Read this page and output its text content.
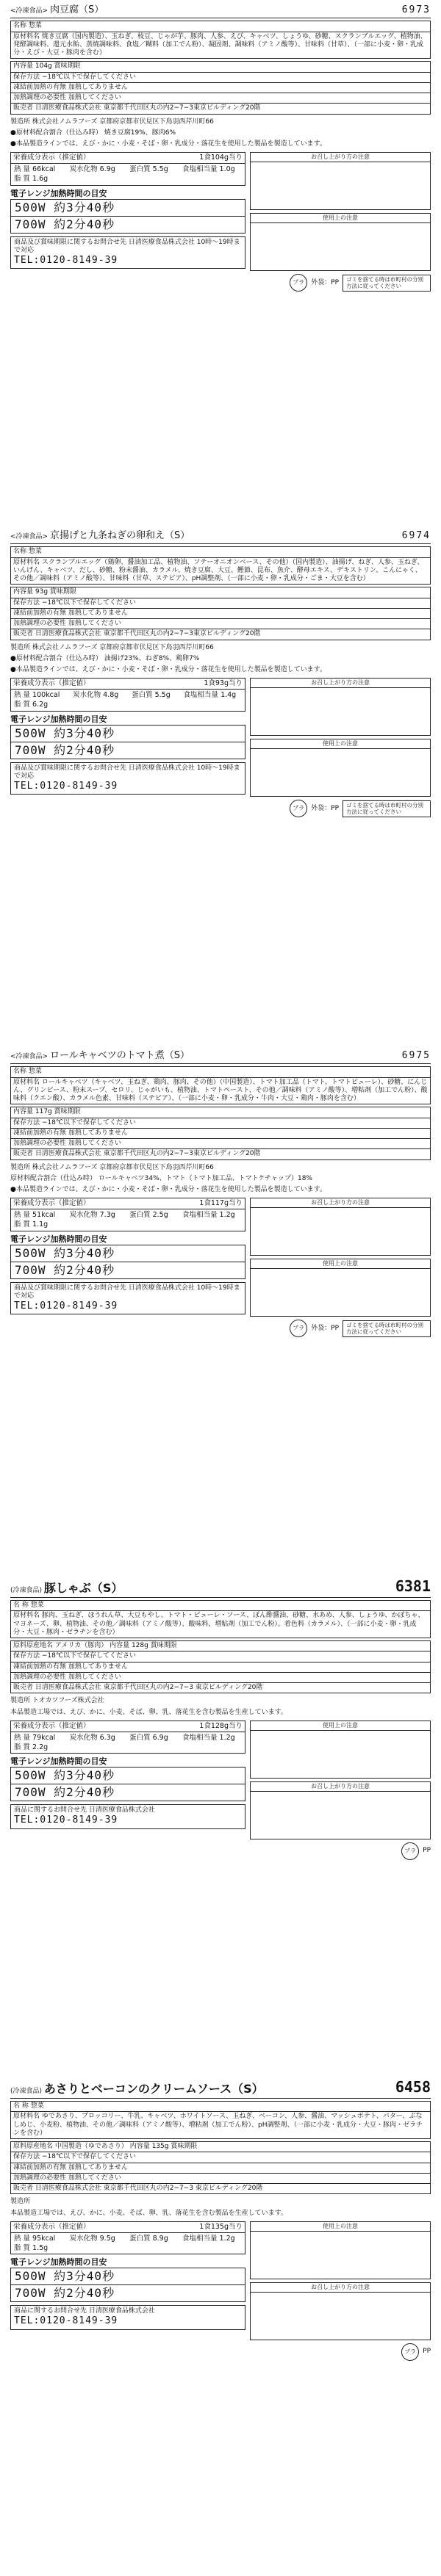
<冷凍食品> 肉豆腐（S）	6973
名称 惣菜
原材料名 焼き豆腐（国内製造）、玉ねぎ、枝豆、じゃが芋、豚肉、人参、えび、キャベツ、しょうゆ、砂糖、スクランブルエッグ、植物油、発酵調味料、還元水飴、蒸焼調味料、食塩／糊料（加工でん粉）、凝固剤、調味料（アミノ酸等）、甘味料（甘草）、（一部に小麦・卵・乳成分・えび・大豆・豚肉を含む）
内容量 104g 賞味期限
保存方法 −18℃以下で保存してください
凍結前加熱の有無 加熱してありません
加熱調理の必要性 加熱してください
販売者 日清医療食品株式会社 東京都千代田区丸の内2−7−3東京ビルディング20階
製造所 株式会社ノムラフーズ 京都府京都市伏見区下鳥羽西芹川町66
●原材料配合割合（仕込み時） 焼き豆腐19%、豚肉6%
●本品製造ラインでは、えび・かに・小麦・そば・卵・乳成分・落花生を使用した製品を製造しています。
栄養成分表示（推定値）	1食104g当り
熱 量 66kcal	炭水化物 6.9g	蛋白質 5.5g	食塩相当量 1.0g
脂 質 1.6g
電子レンジ加熱時間の目安
500W 約3分40秒
700W 約2分40秒
商品及び賞味期限に関するお問合せ先 日清医療食品株式会社 10時〜19時まで対応
TEL:0120-8149-39
お召し上がり方の注意
使用上の注意
プラ	外袋：PP	ゴミを捨てる時は市町村の分別方法に従ってください
<冷凍食品> 京揚げと九条ねぎの卵和え（S）	6974
名称 惣菜
原材料名 スクランブルエッグ（鶏卵、醤油加工品、植物油、ソテーオニオンベース、その他）（国内製造）、油揚げ、ねぎ、人参、玉ねぎ、いんげん、キャベツ、だし、砂糖、粉末醤油、カラメル、焼き豆腐、大豆、鰹節、昆布、魚介、酵母エキス、デキストリン、こんにゃく、その他／調味料（アミノ酸等）、甘味料（甘草、ステビア）、pH調整剤、（一部に小麦・卵・乳成分・ごま・大豆を含む）
内容量 93g 賞味期限
保存方法 −18℃以下で保存してください
凍結前加熱の有無 加熱してありません
加熱調理の必要性 加熱してください
販売者 日清医療食品株式会社 東京都千代田区丸の内2−7−3東京ビルディング20階
製造所 株式会社ノムラフーズ 京都府京都市伏見区下鳥羽西芹川町66
●原材料配合割合（仕込み時） 油揚げ23%、ねぎ8%、鶏卵7%
●本品製造ラインでは、えび・かに・小麦・そば・卵・乳成分・落花生を使用した製品を製造しています。
栄養成分表示（推定値）	1食93g当り
熱 量 100kcal	炭水化物 4.8g	蛋白質 5.5g	食塩相当量 1.4g
脂 質 6.2g
電子レンジ加熱時間の目安
500W 約3分40秒
700W 約2分40秒
商品及び賞味期限に関するお問合せ先 日清医療食品株式会社 10時〜19時まで対応
TEL:0120-8149-39
お召し上がり方の注意
使用上の注意
プラ	外袋：PP	ゴミを捨てる時は市町村の分別方法に従ってください
<冷凍食品> ロールキャベツのトマト煮（S）	6975
名称 惣菜
原材料名 ロールキャベツ（キャベツ、玉ねぎ、鶏肉、豚肉、その他）（中国製造）、トマト加工品（トマト、トマトピューレ）、砂糖、にんじん、グリンピース、粉末スープ、セロリ、じゃがいも、植物油、トマトペースト、その他／調味料（アミノ酸等）、増粘剤（加工でん粉）、酸味料（クエン酸）、カラメル色素、甘味料（ステビア）、（一部に小麦・卵・乳成分・牛肉・大豆・鶏肉・豚肉を含む）
内容量 117g 賞味期限
保存方法 −18℃以下で保存してください
凍結前加熱の有無 加熱してありません
加熱調理の必要性 加熱してください
販売者 日清医療食品株式会社 東京都千代田区丸の内2−7−3東京ビルディング20階
製造所 株式会社ノムラフーズ 京都府京都市伏見区下鳥羽西芹川町66
原材料配合割合（仕込み時） ロールキャベツ34%、トマト（トマト加工品、トマトケチャップ）18%
●本品製造ラインでは、えび・かに・小麦・そば・卵・乳成分・落花生を使用した製品を製造しています。
栄養成分表示（推定値）	1食117g当り
熱 量 51kcal	炭水化物 7.3g	蛋白質 2.5g	食塩相当量 1.2g
脂 質 1.1g
電子レンジ加熱時間の目安
500W 約3分40秒
700W 約2分40秒
商品及び賞味期限に関するお問合せ先 日清医療食品株式会社 10時〜19時まで対応
TEL:0120-8149-39
お召し上がり方の注意
使用上の注意
プラ	外袋：PP	ゴミを捨てる時は市町村の分別方法に従ってください
(冷凍食品) 豚しゃぶ（S）	6381
名 称 惣菜
原材料名 豚肉、玉ねぎ、ほうれん草、大豆もやし、トマト・ピューレ・ソース、ぽん酢醤油、砂糖、水あめ、人参、しょうゆ、かぼちゃ、マヨネーズ、卵、植物油、その他／調味料（アミノ酸等）、酸味料、増粘剤（加工でん粉）、着色料（カラメル）、（一部に小麦・卵・乳成分・大豆・豚肉・ゼラチンを含む）
原料原産地名 アメリカ（豚肉） 内容量 128g 賞味期限
保存方法 −18℃以下で保存してください
凍結前加熱の有無 加熱してありません
加熱調理の必要性 加熱してください
販売者 日清医療食品株式会社 東京都千代田区丸の内2−7−3 東京ビルディング20階
製造所 トオカツフーズ株式会社
本品製造工場では、えび、かに、小麦、そば、卵、乳、落花生を含む製品を生産しています。
栄養成分表示（推定値）	1食128g当り
熱 量 79kcal	炭水化物 6.3g	蛋白質 6.9g	食塩相当量 1.2g
脂 質 2.2g
電子レンジ加熱時間の目安
500W 約3分40秒
700W 約2分40秒
商品に関するお問合せ先 日清医療食品株式会社
TEL:0120-8149-39
使用上の注意
お召し上がり方の注意
プラ	PP
(冷凍食品) あさりとベーコンのクリームソース（S）	6458
名 称 惣菜
原材料名 ゆであさり、ブロッコリー、牛乳、キャベツ、ホワイトソース、玉ねぎ、ベーコン、人参、醤油、マッシュポテト、バター、ぶなしめじ、小麦粉、植物油、その他／調味料（アミノ酸等）、増粘剤（加工でん粉）、pH調整剤、（一部に小麦・乳成分・大豆・豚肉・ゼラチンを含む）
原料原産地名 中国製造（ゆであさり） 内容量 135g 賞味期限
保存方法 −18℃以下で保存してください
凍結前加熱の有無 加熱してありません
加熱調理の必要性 加熱してください
販売者 日清医療食品株式会社 東京都千代田区丸の内2−7−3 東京ビルディング20階
製造所
本品製造工場では、えび、かに、小麦、そば、卵、乳、落花生を含む製品を生産しています。
栄養成分表示（推定値）	1食135g当り
熱 量 95kcal	炭水化物 9.5g	蛋白質 8.9g	食塩相当量 1.2g
脂 質 1.5g
電子レンジ加熱時間の目安
500W 約3分40秒
700W 約2分40秒
商品に関するお問合せ先 日清医療食品株式会社
TEL:0120-8149-39
使用上の注意
お召し上がり方の注意
プラ	PP
